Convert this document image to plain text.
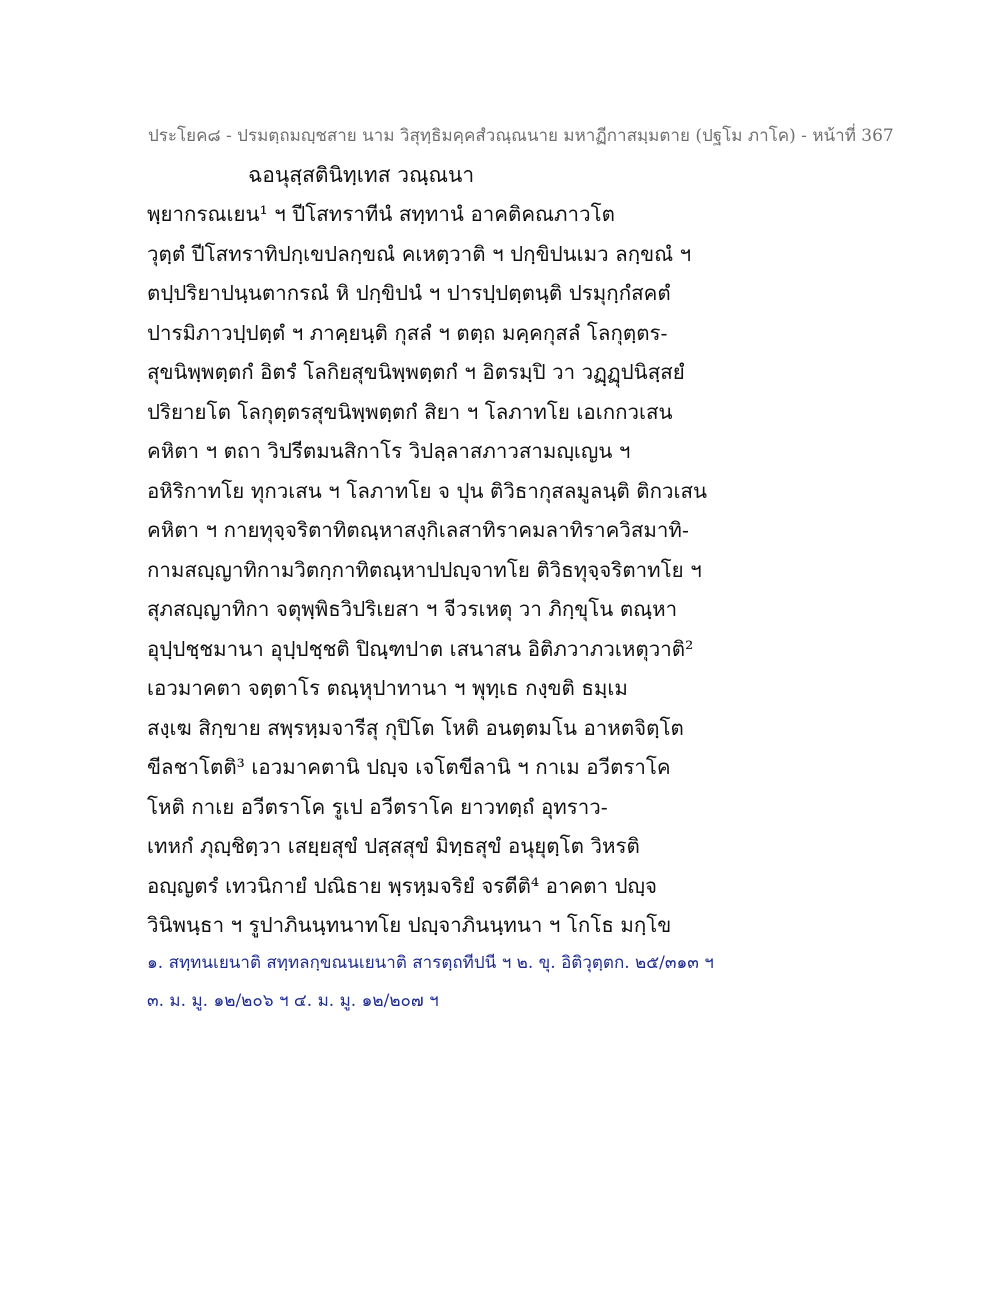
ประโยค๘ - ปรมตฺถมญฺชสาย นาม วิสุทฺธิมคฺคสํวณฺณนาย มหาฏีกาสมฺมตาย (ปฐโม ภาโค) - หน้าที่ 367
ฉอนุสฺสตินิทฺเทส วณฺณนา
พฺยากรณเยน¹ ฯ ปีโสทราทีนํ สทฺทานํ อาคติคณภาวโต
วุตฺตํ ปีโสทราทิปกฺเขปลกฺขณํ คเหตฺวาติ ฯ ปกฺขิปนเมว ลกฺขณํ ฯ
ตปฺปริยาปนฺนตากรณํ หิ ปกฺขิปนํ ฯ ปารปฺปตฺตนฺติ ปรมุกฺกํสคตํ
ปารมิภาวปฺปตฺตํ ฯ ภาคฺยนฺติ กุสลํ ฯ ตตฺถ มคฺคกุสลํ โลกุตฺตร-
สุขนิพฺพตฺตกํ อิตรํ โลกิยสุขนิพฺพตฺตกํ ฯ อิตรมฺปิ วา วฏฺฏุปนิสฺสยํ
ปริยายโต โลกุตฺตรสุขนิพฺพตฺตกํ สิยา ฯ โลภาทโย เอเกกวเสน
คหิตา ฯ ตถา วิปรีตมนสิกาโร วิปลฺลาสภาวสามญฺเญน ฯ
อหิริกาทโย ทุกวเสน ฯ โลภาทโย จ ปุน ติวิธากุสลมูลนฺติ ติกวเสน
คหิตา ฯ กายทุจฺจริตาทิตณฺหาสงฺกิเลสาทิราคมลาทิราควิสมาทิ-
กามสญฺญาทิกามวิตกฺกาทิตณฺหาปปญฺจาทโย ติวิธทุจฺจริตาทโย ฯ
สุภสญฺญาทิกา จตุพฺพิธวิปริเยสา ฯ จีวรเหตุ วา ภิกฺขุโน ตณฺหา
อุปฺปชฺชมานา อุปฺปชฺชติ ปิณฺฑปาต เสนาสน อิติภวาภวเหตุวาติ²
เอวมาคตา จตฺตาโร ตณฺหุปาทานา ฯ พุทฺเธ กงฺขติ ธมฺเม
สงฺเฆ สิกฺขาย สพฺรหฺมจารีสุ กุปิโต โหติ อนตฺตมโน อาหตจิตฺโต
ขีลชาโตติ³ เอวมาคตานิ ปญฺจ เจโตขีลานิ ฯ กาเม อวีตราโค
โหติ กาเย อวีตราโค รูเป อวีตราโค ยาวทตฺถํ อุทราว-
เทหกํ ภุญฺชิตฺวา เสยฺยสุขํ ปสฺสสุขํ มิทฺธสุขํ อนุยุตฺโต วิหรติ
อญฺญตรํ เทวนิกายํ ปณิธาย พฺรหฺมจริยํ จรตีติ⁴ อาคตา ปญฺจ
วินิพนฺธา ฯ รูปาภินนฺทนาทโย ปญฺจาภินนฺทนา ฯ โกโธ มกฺโข
๑. สทฺทนเยนาติ สทฺทลกฺขณนเยนาติ สารตฺถทีปนี ฯ ๒. ขุ. อิติวุตฺตก. ๒๕/๓๑๓ ฯ
๓. ม. มู. ๑๒/๒๐๖ ฯ ๔. ม. มู. ๑๒/๒๐๗ ฯ
